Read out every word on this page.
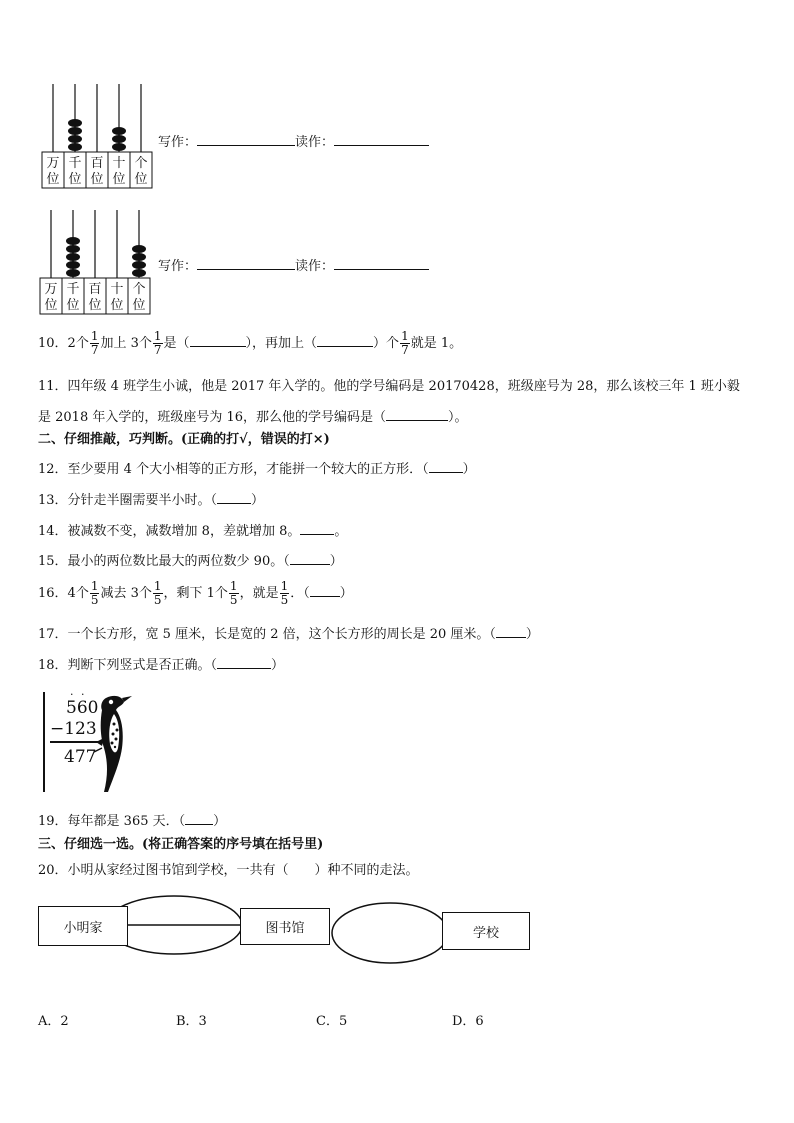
万
位
千
位
百
位
十
位
个
位
写作：	读作：
万
位
千
位
百
位
十
位
个
位
写作：	读作：
10．2个 $\frac{1}{7}$ 加上 3个 $\frac{1}{7}$ 是（	），再加上（	）个 $\frac{1}{7}$ 就是 1。
11．四年级 4 班学生小诚，他是 2017 年入学的。他的学号编码是 20170428，班级座号为 28，那么该校三年 1 班小毅
是 2018 年入学的，班级座号为 16，那么他的学号编码是（	）。
二、仔细推敲，巧判断。(正确的打√，错误的打×)
12．至少要用 4 个大小相等的正方形，才能拼一个较大的正方形．（	）
13．分针走半圈需要半小时。（	）
14．被减数不变，减数增加 8，差就增加 8。	。
15．最小的两位数比最大的两位数少 90。（	）
16．4个 $\frac{1}{5}$ 减去 3个 $\frac{1}{5}$ ，剩下 1个 $\frac{1}{5}$ ，就是 $\frac{1}{5}$ ．（ ）
17．一个长方形，宽 5 厘米，长是宽的 2 倍，这个长方形的周长是 20 厘米。（ ）
18．判断下列竖式是否正确。（	）
· ·
560
−123
477
19．每年都是 365 天．（ ）
三、仔细选一选。(将正确答案的序号填在括号里)
20．小明从家经过图书馆到学校，一共有（　　）种不同的走法。
小明家	图书馆	学校
A．2	B．3	C．5	D．6
